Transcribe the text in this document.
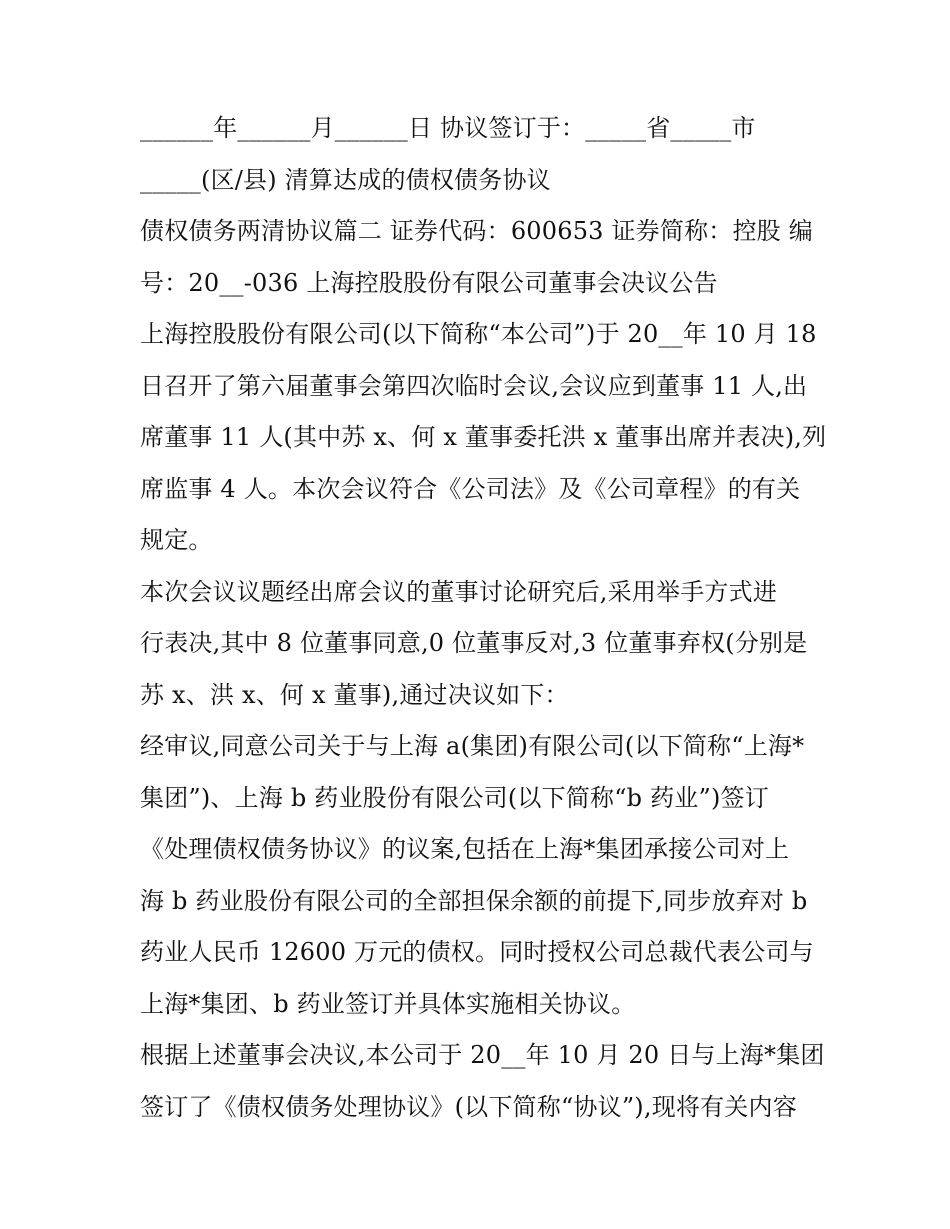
______年______月______日 协议签订于：_____省_____市
_____(区/县) 清算达成的债权债务协议
债权债务两清协议篇二 证券代码：600653 证券简称：控股 编
号：20__-036 上海控股股份有限公司董事会决议公告
上海控股股份有限公司(以下简称“本公司”)于 20__年 10 月 18
日召开了第六届董事会第四次临时会议,会议应到董事 11 人,出
席董事 11 人(其中苏 x、何 x 董事委托洪 x 董事出席并表决),列
席监事 4 人。本次会议符合《公司法》及《公司章程》的有关
规定。
本次会议议题经出席会议的董事讨论研究后,采用举手方式进
行表决,其中 8 位董事同意,0 位董事反对,3 位董事弃权(分别是
苏 x、洪 x、何 x 董事),通过决议如下：
经审议,同意公司关于与上海 a(集团)有限公司(以下简称“上海*
集团”)、上海 b 药业股份有限公司(以下简称“b 药业”)签订
《处理债权债务协议》的议案,包括在上海*集团承接公司对上
海 b 药业股份有限公司的全部担保余额的前提下,同步放弃对 b
药业人民币 12600 万元的债权。同时授权公司总裁代表公司与
上海*集团、b 药业签订并具体实施相关协议。
根据上述董事会决议,本公司于 20__年 10 月 20 日与上海*集团
签订了《债权债务处理协议》(以下简称“协议”),现将有关内容
